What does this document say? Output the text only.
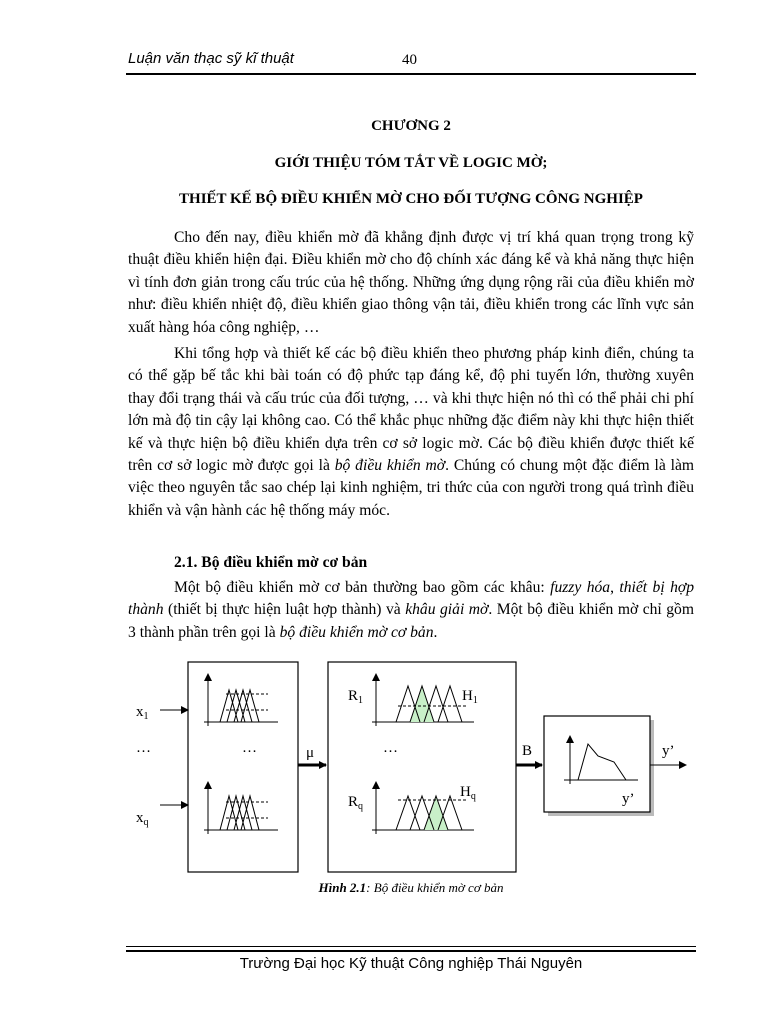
Luận văn thạc sỹ kĩ thuật	40
CHƯƠNG 2
GIỚI THIỆU TÓM TẮT VỀ LOGIC MỜ;
THIẾT KẾ BỘ ĐIỀU KHIỂN MỜ CHO ĐỐI TƯỢNG CÔNG NGHIỆP

Cho đến nay, điều khiển mờ đã khẳng định được vị trí khá quan trọng trong kỹ thuật điều khiển hiện đại. Điều khiển mờ cho độ chính xác đáng kể và khả năng thực hiện vì tính đơn giản trong cấu trúc của hệ thống. Những ứng dụng rộng rãi của điều khiển mờ như: điều khiển nhiệt độ, điều khiển giao thông vận tải, điều khiển trong các lĩnh vực sản xuất hàng hóa công nghiệp, …

Khi tổng hợp và thiết kế các bộ điều khiển theo phương pháp kinh điển, chúng ta có thể gặp bế tắc khi bài toán có độ phức tạp đáng kể, độ phi tuyến lớn, thường xuyên thay đổi trạng thái và cấu trúc của đối tượng, … và khi thực hiện nó thì có thể phải chi phí lớn mà độ tin cậy lại không cao. Có thể khắc phục những đặc điểm này khi thực hiện thiết kế và thực hiện bộ điều khiển dựa trên cơ sở logic mờ. Các bộ điều khiển được thiết kế trên cơ sở logic mờ được gọi là bộ điều khiển mờ. Chúng có chung một đặc điểm là làm việc theo nguyên tắc sao chép lại kinh nghiệm, tri thức của con người trong quá trình điều khiển và vận hành các hệ thống máy móc.

2.1. Bộ điều khiển mờ cơ bản

Một bộ điều khiển mờ cơ bản thường bao gồm các khâu: fuzzy hóa, thiết bị hợp thành (thiết bị thực hiện luật hợp thành) và khâu giải mờ. Một bộ điều khiển mờ chỉ gồm 3 thành phần trên gọi là bộ điều khiển mờ cơ bản.

$x_1$
$x_q$
…	…	…
μ
$R_1$	$H_1$
$R_q$
$H_q$
B	y’
y’
Hình 2.1: Bộ điều khiển mờ cơ bản
Trường Đại học Kỹ thuật Công nghiệp Thái Nguyên
